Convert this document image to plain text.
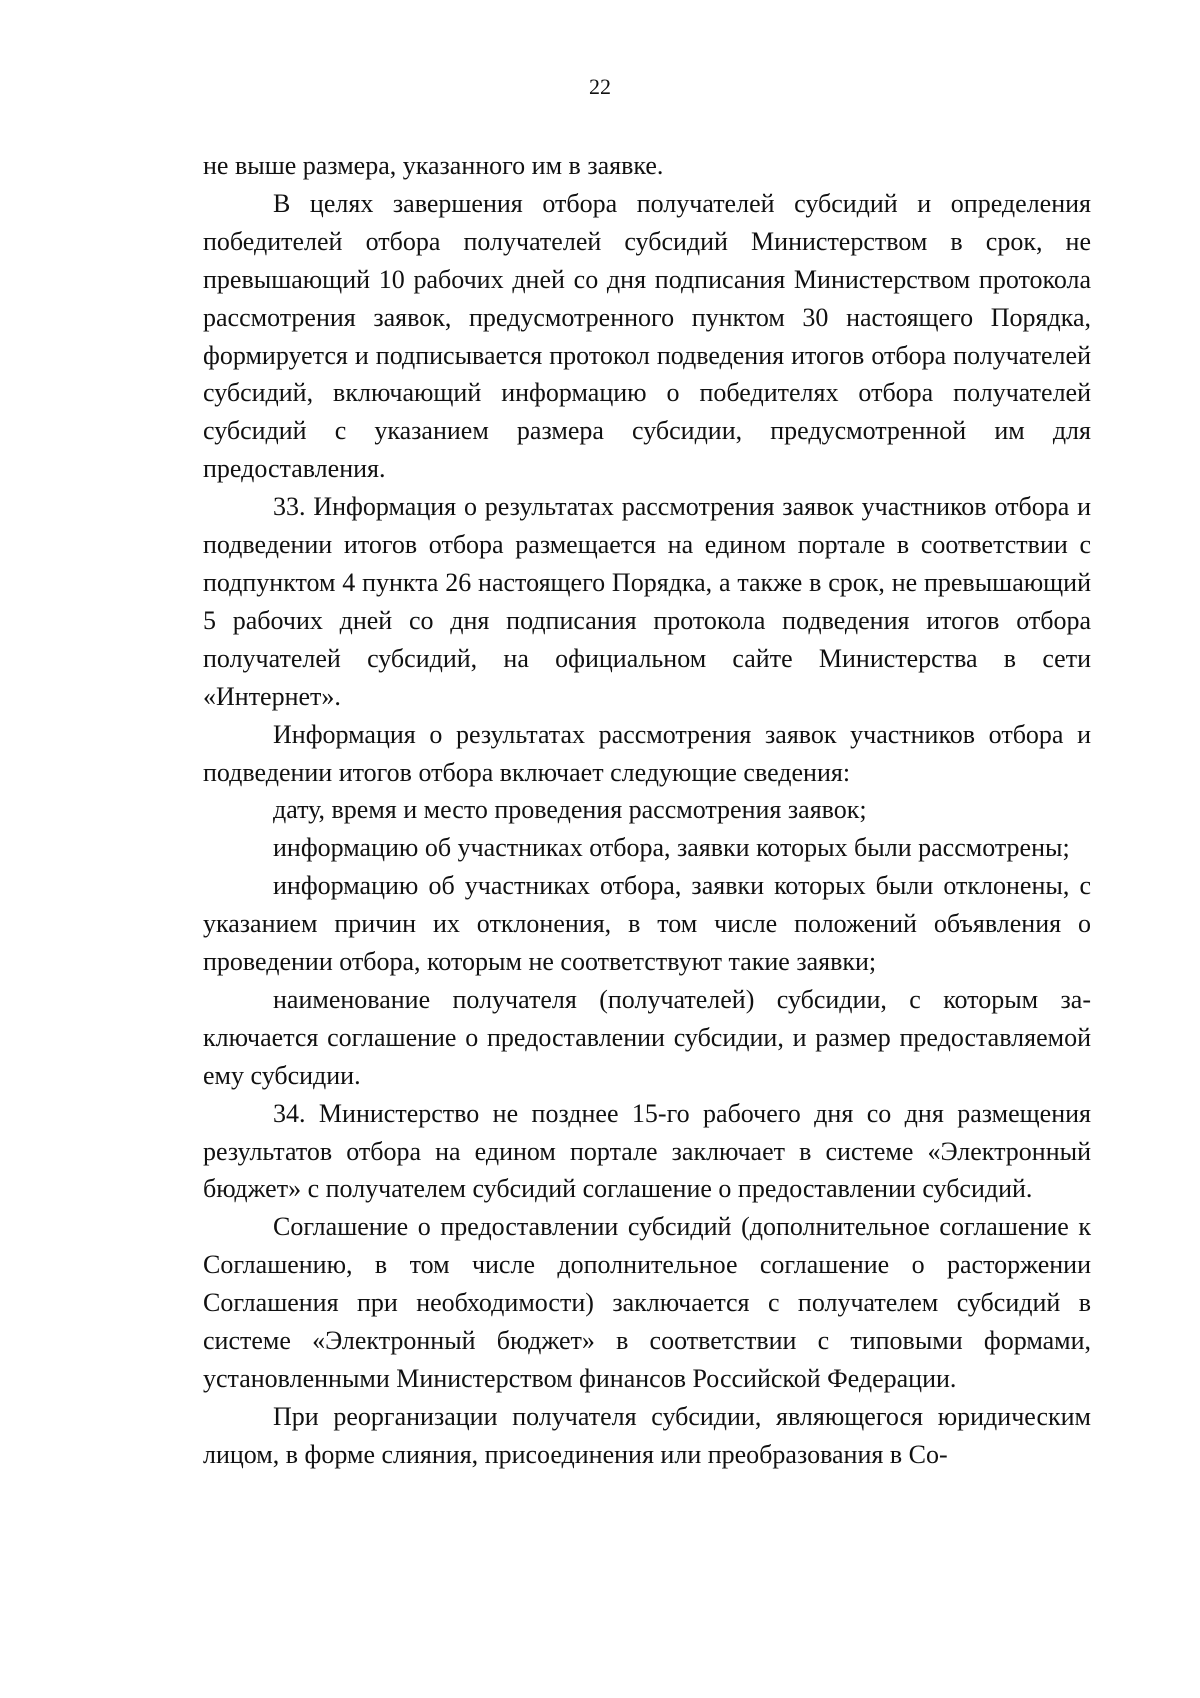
22

не выше размера, указанного им в заявке.

В целях завершения отбора получателей субсидий и определения победителей отбора получателей субсидий Министерством в срок, не превышающий 10 рабочих дней со дня подписания Министерством протокола рассмотрения заявок, предусмотренного пунктом 30 настоящего Порядка, формируется и подписывается протокол подведения итогов отбора получателей субсидий, включающий информацию о победителях отбора получателей субсидий с указанием размера субсидии, предусмотренной им для предоставления.

33. Информация о результатах рассмотрения заявок участников отбора и подведении итогов отбора размещается на едином портале в соответствии с подпунктом 4 пункта 26 настоящего Порядка, а также в срок, не превышающий 5 рабочих дней со дня подписания протокола подведения итогов отбора получателей субсидий, на официальном сайте Министерства в сети «Интернет».

Информация о результатах рассмотрения заявок участников отбора и подведении итогов отбора включает следующие сведения:

дату, время и место проведения рассмотрения заявок;

информацию об участниках отбора, заявки которых были рассмотрены;

информацию об участниках отбора, заявки которых были отклонены, с указанием причин их отклонения, в том числе положений объявления о проведении отбора, которым не соответствуют такие заявки;

наименование получателя (получателей) субсидии, с которым заключается соглашение о предоставлении субсидии, и размер предоставляемой ему субсидии.

34. Министерство не позднее 15-го рабочего дня со дня размещения результатов отбора на едином портале заключает в системе «Электронный бюджет» с получателем субсидий соглашение о предоставлении субсидий.

Соглашение о предоставлении субсидий (дополнительное соглашение к Соглашению, в том числе дополнительное соглашение о расторжении Соглашения при необходимости) заключается с получателем субсидий в системе «Электронный бюджет» в соответствии с типовыми формами, установленными Министерством финансов Российской Федерации.

При реорганизации получателя субсидии, являющегося юридическим лицом, в форме слияния, присоединения или преобразования в Со-
